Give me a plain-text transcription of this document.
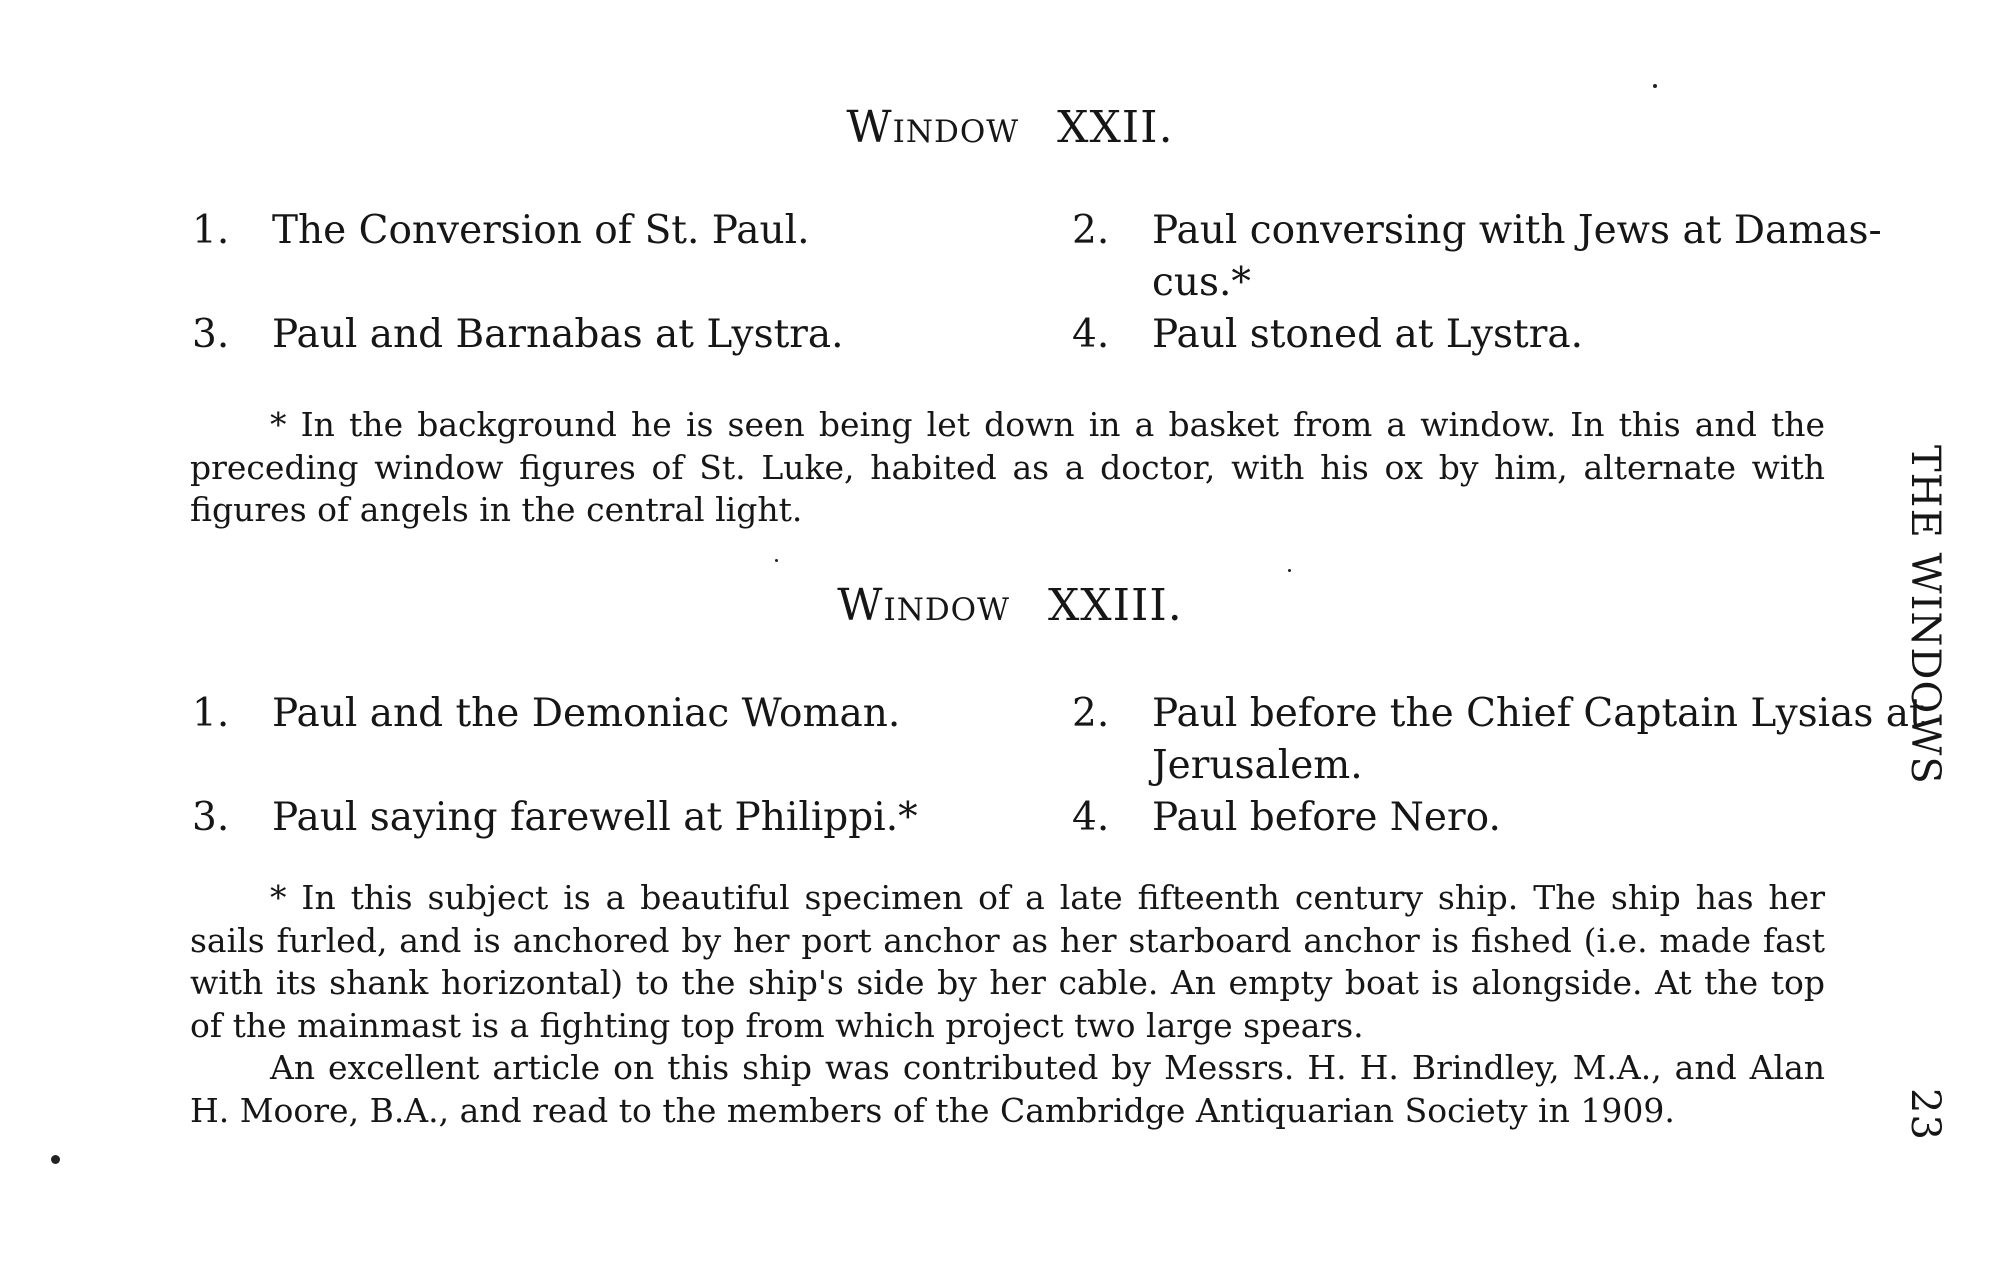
Window XXII.
1. The Conversion of St. Paul.	2. Paul conversing with Jews at Damas-
cus.*
3. Paul and Barnabas at Lystra.	4. Paul stoned at Lystra.

* In the background he is seen being let down in a basket from a window. In this and the preceding window figures of St. Luke, habited as a doctor, with his ox by him, alternate with figures of angels in the central light.

Window XXIII.
1. Paul and the Demoniac Woman.	2. Paul before the Chief Captain Lysias at
Jerusalem.
3. Paul saying farewell at Philippi.*	4. Paul before Nero.

* In this subject is a beautiful specimen of a late fifteenth century ship. The ship has her sails furled, and is anchored by her port anchor as her starboard anchor is fished (i.e. made fast with its shank horizontal) to the ship's side by her cable. An empty boat is alongside. At the top of the mainmast is a fighting top from which project two large spears.

An excellent article on this ship was contributed by Messrs. H. H. Brindley, M.A., and Alan H. Moore, B.A., and read to the members of the Cambridge Antiquarian Society in 1909.

THE WINDOWS
23
